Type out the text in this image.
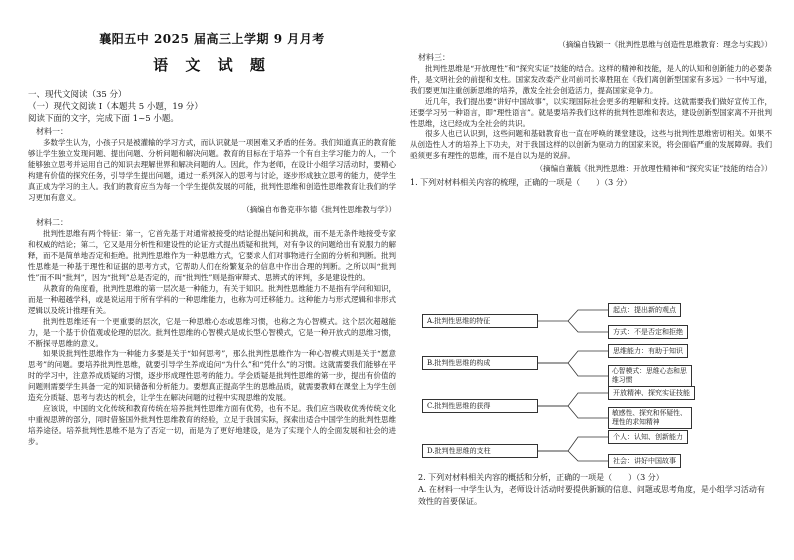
襄阳五中 2025 届高三上学期 9 月月考
语 文 试 题
一、现代文阅读（35 分）
（一）现代文阅读 I（本题共 5 小题，19 分）
阅读下面的文字，完成下面 1~5 小题。
材料一：

多数学生认为，小孩子只是被灌输的学习方式，而认识就是一项困难又矛盾的任务。我们知道真正的教育能够让学生独立发现问题、提出问题、分析问题和解决问题。教育的目标在于培养一个有自主学习能力的人，一个能够独立思考并运用自己的知识去理解世界和解决问题的人。因此，作为老师，在设计小组学习活动时，要精心构建有价值的探究任务，引导学生提出问题，通过一系列深入的思考与讨论，逐步形成独立思考的能力，使学生真正成为学习的主人。我们的教育应当为每一个学生提供发展的可能，批判性思维和创造性思维教育让我们的学习更加有意义。

（摘编自布鲁克菲尔德《批判性思维教与学》）
材料二：

批判性思维有两个特征：第一，它首先基于对通常被接受的结论提出疑问和挑战，而不是无条件地接受专家和权威的结论；第二，它又是用分析性和建设性的论证方式提出质疑和批判，对有争议的问题给出有说服力的解释，而不是简单地否定和拒绝。批判性思维作为一种思维方式，它要求人们对事物进行全面的分析和判断。批判性思维是一种基于理性和证据的思考方式，它帮助人们在纷繁复杂的信息中作出合理的判断。之所以叫“批判性”而不叫“批判”，因为“批判”总是否定的，而“批判性”则是指审辩式、思辨式的评判，多是建设性的。

从教育的角度看，批判性思维的第一层次是一种能力，有关于知识。批判性思维能力不是指有学问和知识，而是一种超越学科，或是说运用于所有学科的一种思维能力，也称为可迁移能力。这种能力与形式逻辑和非形式逻辑以及统计推理有关。

批判性思维还有一个更重要的层次，它是一种思维心态或思维习惯，也称之为心智模式。这个层次超越能力，是一个基于价值观或伦理的层次。批判性思维的心智模式是成长型心智模式，它是一种开放式的思维习惯，不断探寻思维的意义。

如果说批判性思维作为一种能力多要是关于“如何思考”，那么批判性思维作为一种心智模式则是关于“愿意思考”的问题。要培养批判性思维，就要引导学生养成追问“为什么”和“凭什么”的习惯。这就需要我们能够在平时的学习中，注意养成质疑的习惯，逐步形成理性思考的能力。学会质疑是批判性思维的第一步，提出有价值的问题则需要学生具备一定的知识储备和分析能力。要想真正提高学生的思维品质，就需要教师在课堂上为学生创造充分质疑、思考与表达的机会，让学生在解决问题的过程中实现思维的发展。

应该说，中国的文化传统和教育传统在培养批判性思维方面有优势，也有不足。我们应当吸收优秀传统文化中重视思辨的部分，同时借鉴国外批判性思维教育的经验，立足于我国实际，探索出适合中国学生的批判性思维培养途径。培养批判性思维不是为了否定一切，而是为了更好地建设，是为了实现个人的全面发展和社会的进步。

（摘编自钱颖一《批判性思维与创造性思维教育：理念与实践》）
材料三：

批判性思维是“开放理性”和“探究实证”技能的结合。这样的精神和技能，是人的认知和创新能力的必要条件，是文明社会的前提和支柱。国家发改委产业司前司长辜胜阻在《我们离创新型国家有多远》一书中写道，我们要更加注重创新思维的培养，激发全社会创造活力，提高国家竞争力。

近几年，我们提出要“讲好中国故事”，以实现国际社会更多的理解和支持。这就需要我们做好宣传工作，还要学习另一种语言，即“理性语言”。就是要培养我们这样的批判性思维和表达，建设创新型国家离不开批判性思维，这已经成为全社会的共识。

很多人也已认识到，这些问题和基础教育也一直在呼唤的课堂建设，这些与批判性思维密切相关。如果不从创造性人才的培养上下功夫，对于我国这样的以创新为驱动力的国家来说，将会面临严重的发展障碍。我们亟须更多有理性的思维，而不是自以为是的说辞。

（摘编自董毓《批判性思维：开放理性精神和“探究实证”技能的结合》）
1. 下列对材料相关内容的梳理，正确的一项是（　　）（3 分）
A.批判性思维的特征
起点：提出新的观点
方式：不是否定和拒绝
B.批判性思维的构成
思维能力：有助于知识
心智模式：思维心态和思维习惯
C.批判性思维的获得
开放精神、探究实证技能
敏感性、探究和怀疑性、理性的求知精神
D.批判性思维的支柱
个人：认知、创新能力
社会：讲好中国故事

2. 下列对材料相关内容的概括和分析，正确的一项是（　　）（3 分）

A. 在材料一中学生认为，老师设计活动时要提供新颖的信息、问题或思考角度，是小组学习活动有效性的首要保证。
